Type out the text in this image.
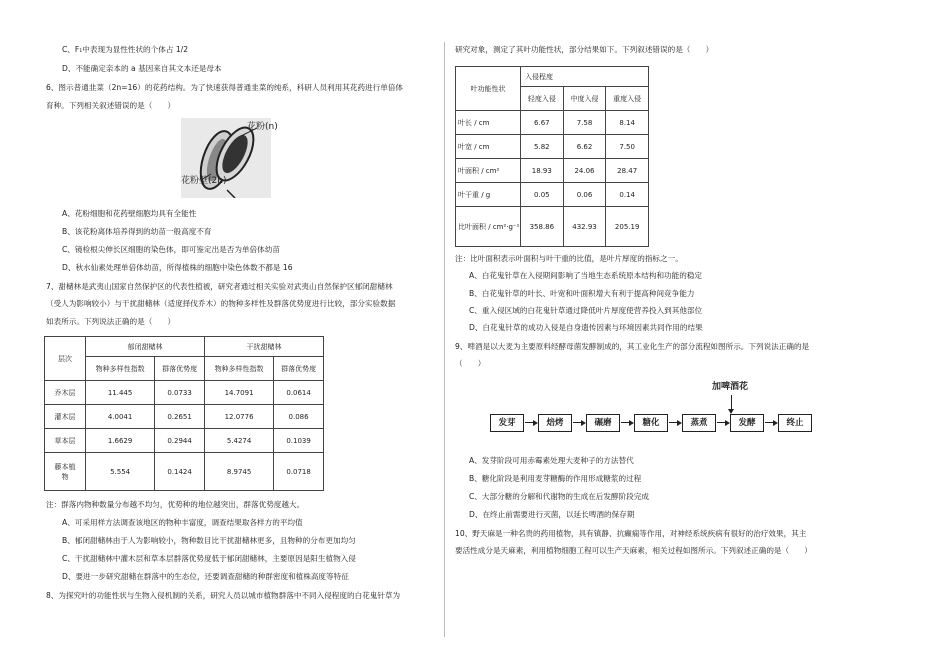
C、F₁中表现为显性性状的个体占 1/2
D、不能确定亲本的 a 基因来自其文本还是母本
6、图示普通韭菜（2n=16）的花药结构。为了快速获得普通韭菜的纯系，科研人员利用其花药进行单倍体
育种。下列相关叙述错误的是（　　）
A、花粉细胞和花药壁细胞均具有全能性
B、该花粉离体培养得到的幼苗一般高度不育
C、镜检根尖伸长区细胞的染色体，即可鉴定出是否为单倍体幼苗
D、秋水仙素处理单倍体幼苗，所得植株的细胞中染色体数不都是 16
7、甜槠林是武夷山国家自然保护区的代表性植被，研究者通过相关实验对武夷山自然保护区郁闭甜槠林
（受人为影响较小）与干扰甜槠林（适度择伐乔木）的物种多样性及群落优势度进行比较，部分实验数据
如表所示。下列说法正确的是（　　）
注：群落内物种数量分布越不均匀，优势种的地位越突出，群落优势度越大。
A、可采用样方法调查该地区的物种丰富度，调查结果取各样方的平均值
B、郁闭甜槠林由于人为影响较小，物种数目比干扰甜槠林更多，且物种的分布更加均匀
C、干扰甜槠林中灌木层和草本层群落优势度低于郁闭甜槠林，主要原因是阳生植物入侵
D、要进一步研究甜槠在群落中的生态位，还要调查甜槠的种群密度和植株高度等特征
8、为探究叶的功能性状与生物入侵机制的关系，研究人员以城市植物群落中不同入侵程度的白花鬼针草为
花粉(n)
花粉壁(2n)
层次	郁闭甜槠林		干扰甜槠林	
	物种多样性指数	群落优势度	物种多样性指数	群落优势度
乔木层	11.445	0.0733	14.7091	0.0614
灌木层	4.0041	0.2651	12.0776	0.086
草本层	1.6629	0.2944	5.4274	0.1039
藤本植物	5.554	0.1424	8.9745	0.0718
研究对象，测定了其叶功能性状，部分结果如下。下列叙述错误的是（　　）
注：比叶面积表示叶面积与叶干重的比值，是叶片厚度的指标之一。
A、白花鬼针草在入侵期间影响了当地生态系统原本结构和功能的稳定
B、白花鬼针草的叶长、叶宽和叶面积增大有利于提高种间竞争能力
C、重入侵区域的白花鬼针草通过降低叶片厚度使营养投入到其他部位
D、白花鬼针草的成功入侵是自身遗传因素与环境因素共同作用的结果
9、啤酒是以大麦为主要原料经酵母菌发酵制成的，其工业化生产的部分流程如图所示。下列说法正确的是
（　　）
A、发芽阶段可用赤霉素处理大麦种子的方法替代
B、糖化阶段是利用麦芽糖酶的作用形成糖浆的过程
C、大部分糖的分解和代谢物的生成在后发酵阶段完成
D、在终止前需要进行灭菌，以延长啤酒的保存期
10、野天麻是一种名贵的药用植物，具有镇静、抗癫痫等作用，对神经系统疾病有很好的治疗效果，其主
要活性成分是天麻素，利用植物细胞工程可以生产天麻素，相关过程如图所示。下列叙述正确的是（　　）
叶功能性状	入侵程度		
	轻度入侵	中度入侵	重度入侵
叶长 / cm	6.67	7.58	8.14
叶宽 / cm	5.82	6.62	7.50
叶面积 / cm²	18.93	24.06	28.47
叶干重 / g	0.05	0.06	0.14
比叶面积 / cm²·g⁻¹	358.86	432.93	205.19
加啤酒花
发芽	焙烤	碾磨	糖化	蒸煮	发酵	终止
